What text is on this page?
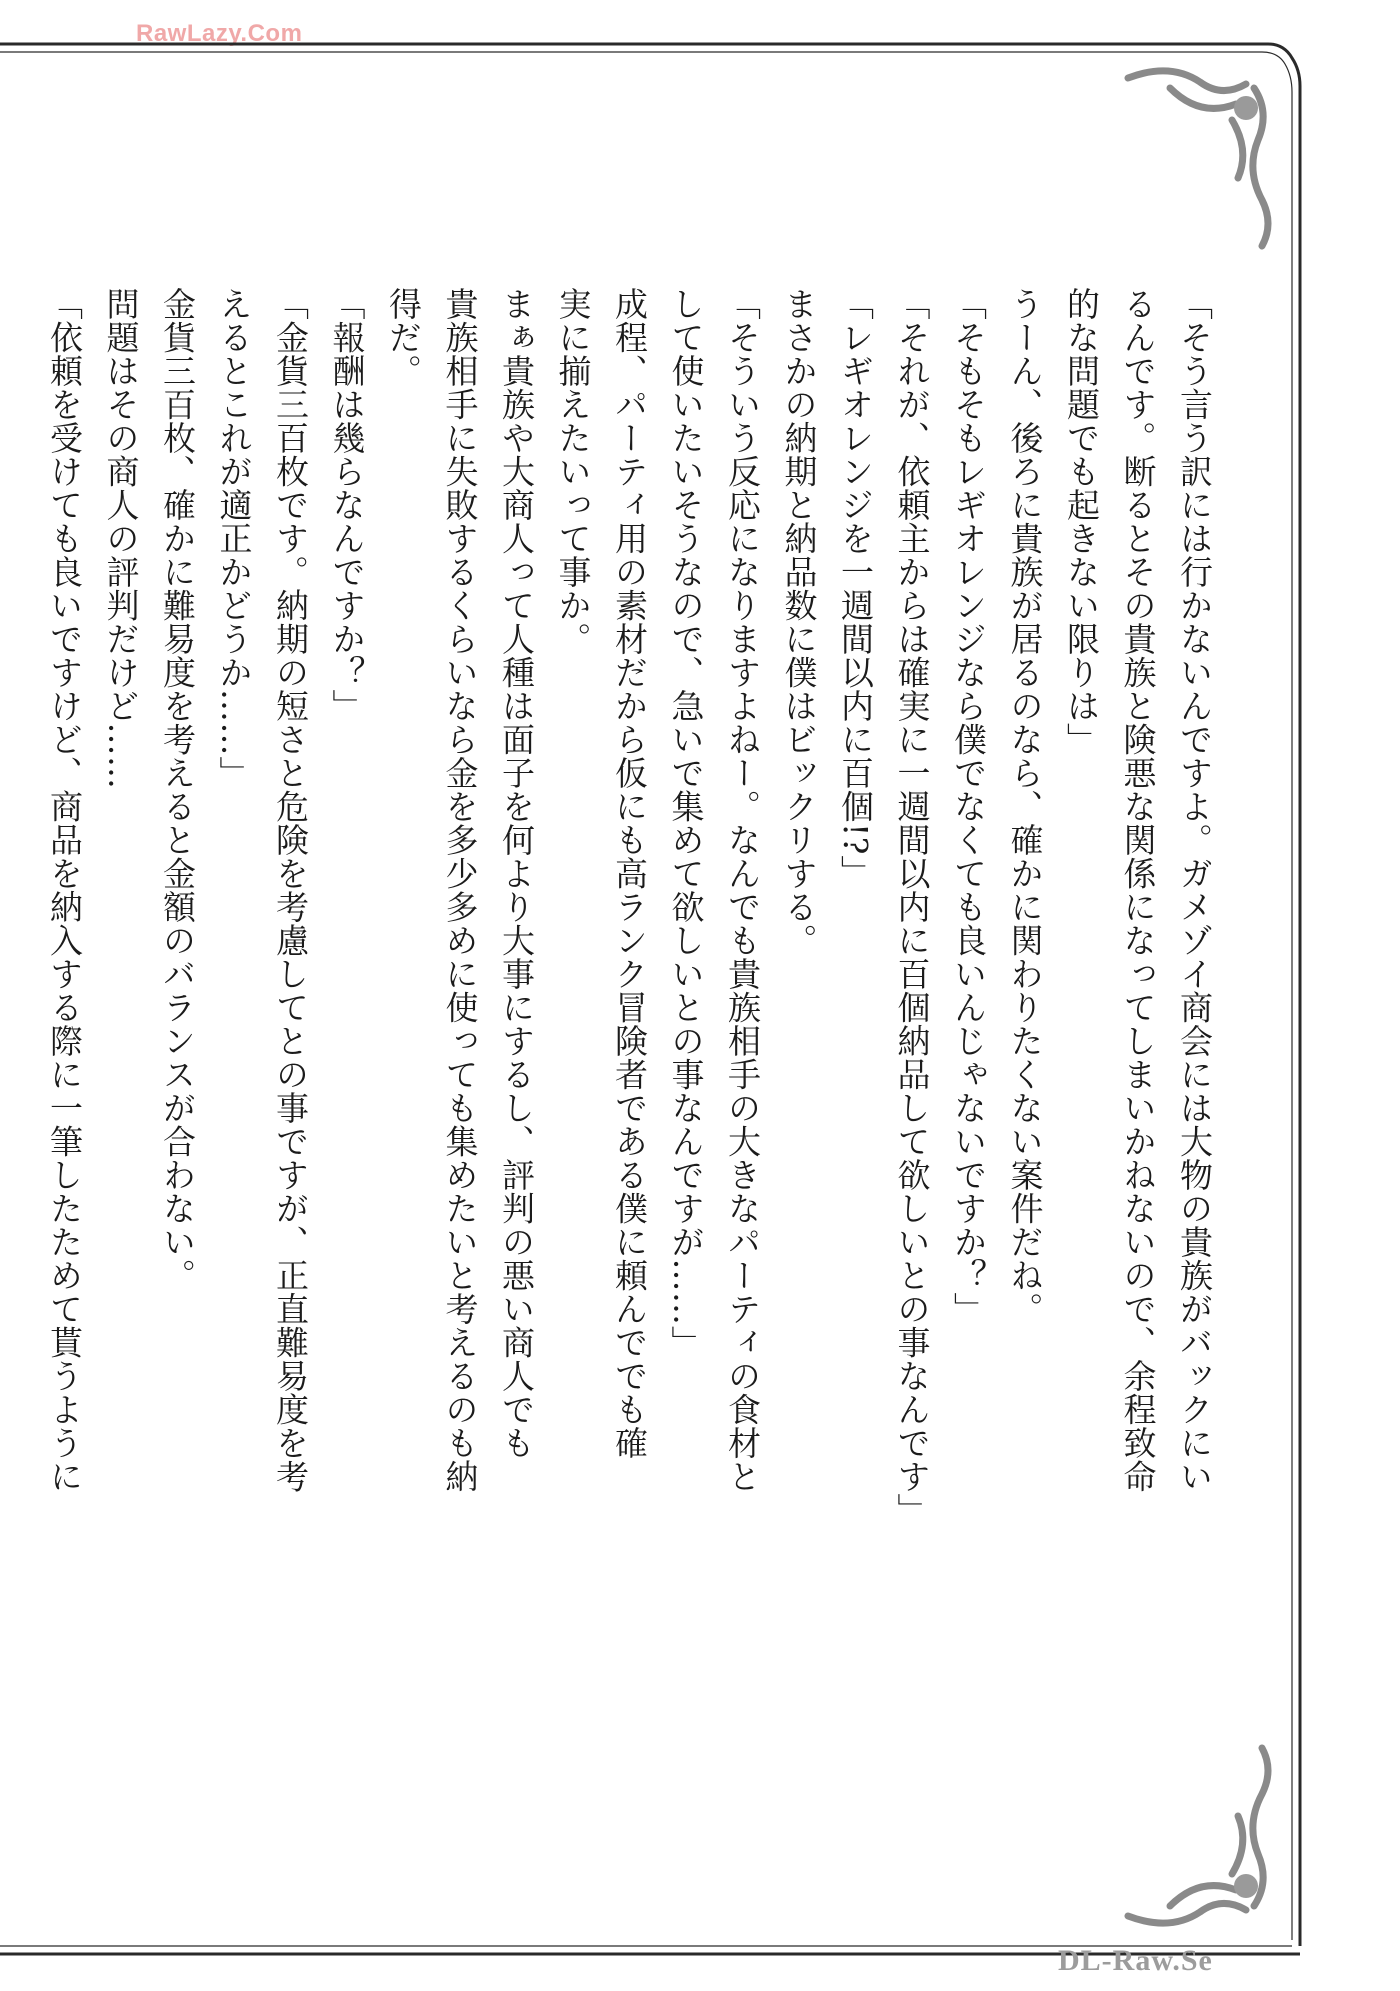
RawLazy.Com
「そう言う訳には行かないんですよ。ガメゾイ商会には大物の貴族がバックにい
るんです。断るとその貴族と険悪な関係になってしまいかねないので、余程致命
的な問題でも起きない限りは」
うーん、後ろに貴族が居るのなら、確かに関わりたくない案件だね。
「そもそもレギオレンジなら僕でなくても良いんじゃないですか？」
「それが、依頼主からは確実に一週間以内に百個納品して欲しいとの事なんです」
「レギオレンジを一週間以内に百個!?」
まさかの納期と納品数に僕はビックリする。
「そういう反応になりますよねー。なんでも貴族相手の大きなパーティの食材と
して使いたいそうなので、急いで集めて欲しいとの事なんですが……」
成程、パーティ用の素材だから仮にも高ランク冒険者である僕に頼んででも確
実に揃えたいって事か。
まぁ貴族や大商人って人種は面子を何より大事にするし、評判の悪い商人でも
貴族相手に失敗するくらいなら金を多少多めに使っても集めたいと考えるのも納
得だ。
「報酬は幾らなんですか？」
「金貨三百枚です。納期の短さと危険を考慮してとの事ですが、正直難易度を考
えるとこれが適正かどうか……」
金貨三百枚、確かに難易度を考えると金額のバランスが合わない。
問題はその商人の評判だけど……
「依頼を受けても良いですけど、商品を納入する際に一筆したためて貰うように
DL-Raw.Se
